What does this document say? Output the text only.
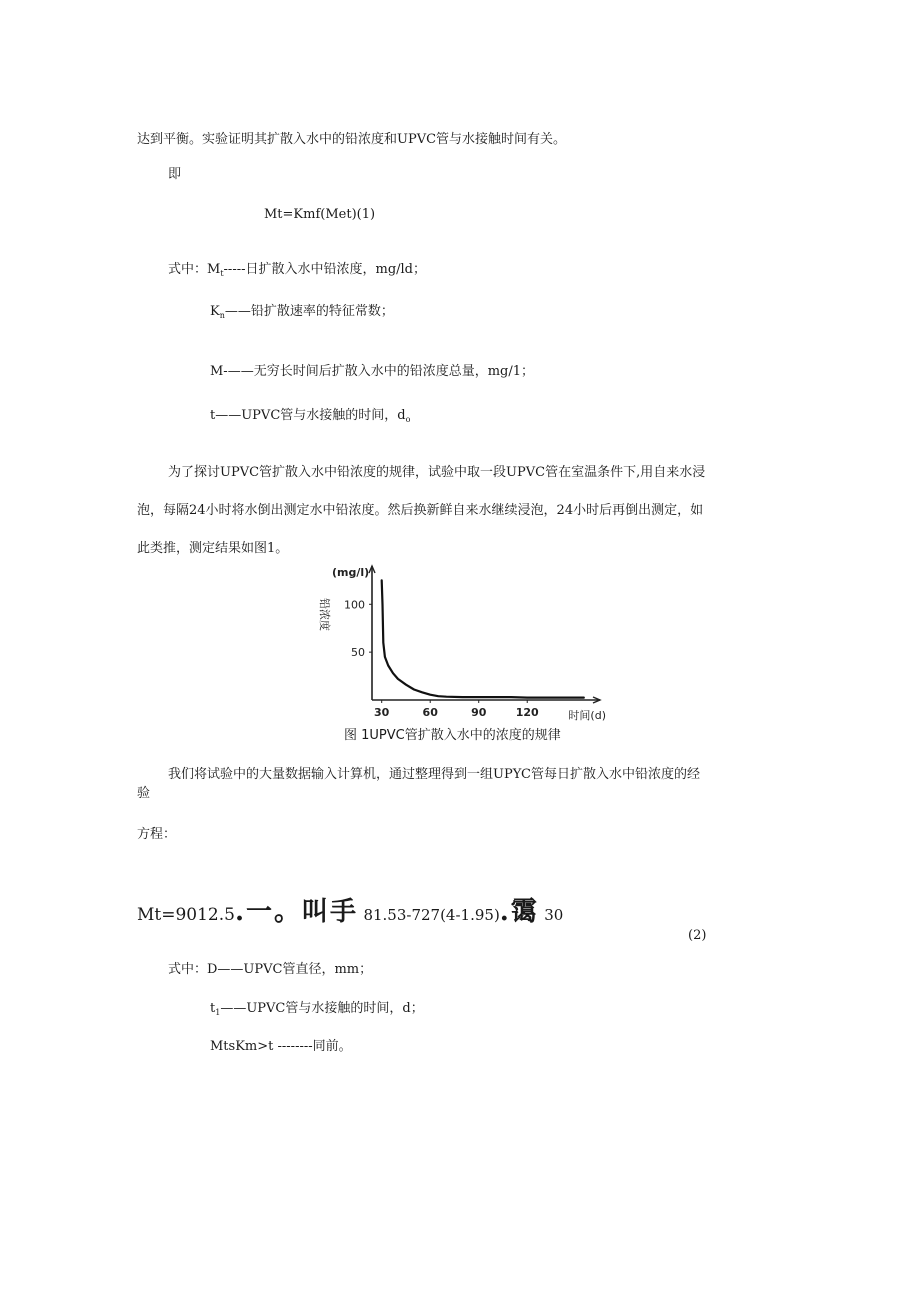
达到平衡。实验证明其扩散入水中的铅浓度和UPVC管与水接触时间有关。
即
Mt=Kmf(Met)(1)
式中：$M_t-----$日扩散入水中铅浓度，mg/ld；
$K_n——$铅扩散速率的特征常数；
M-——无穷长时间后扩散入水中的铅浓度总量，mg/1；
t——UPVC管与水接触的时间，$d_o$
为了探讨UPVC管扩散入水中铅浓度的规律，试验中取一段UPVC管在室温条件下,用自来水浸
泡，每隔24小时将水倒出测定水中铅浓度。然后换新鲜自来水继续浸泡，24小时后再倒出测定，如
此类推，测定结果如图1。
(mg/l)
铅浓度
时间(d)
50
100
30	60	90	120
图 1UPVC管扩散入水中的浓度的规律
我们将试验中的大量数据输入计算机，通过整理得到一组UPYC管每日扩散入水中铅浓度的经
验
方程：
Mt=9012.5.一。叫手 81.53-727(4-1.95).霭 30
(2)
式中：D——UPVC管直径，mm；
$t_1——UPVC$管与水接触的时间，d；
MtsKm>t --------同前。
